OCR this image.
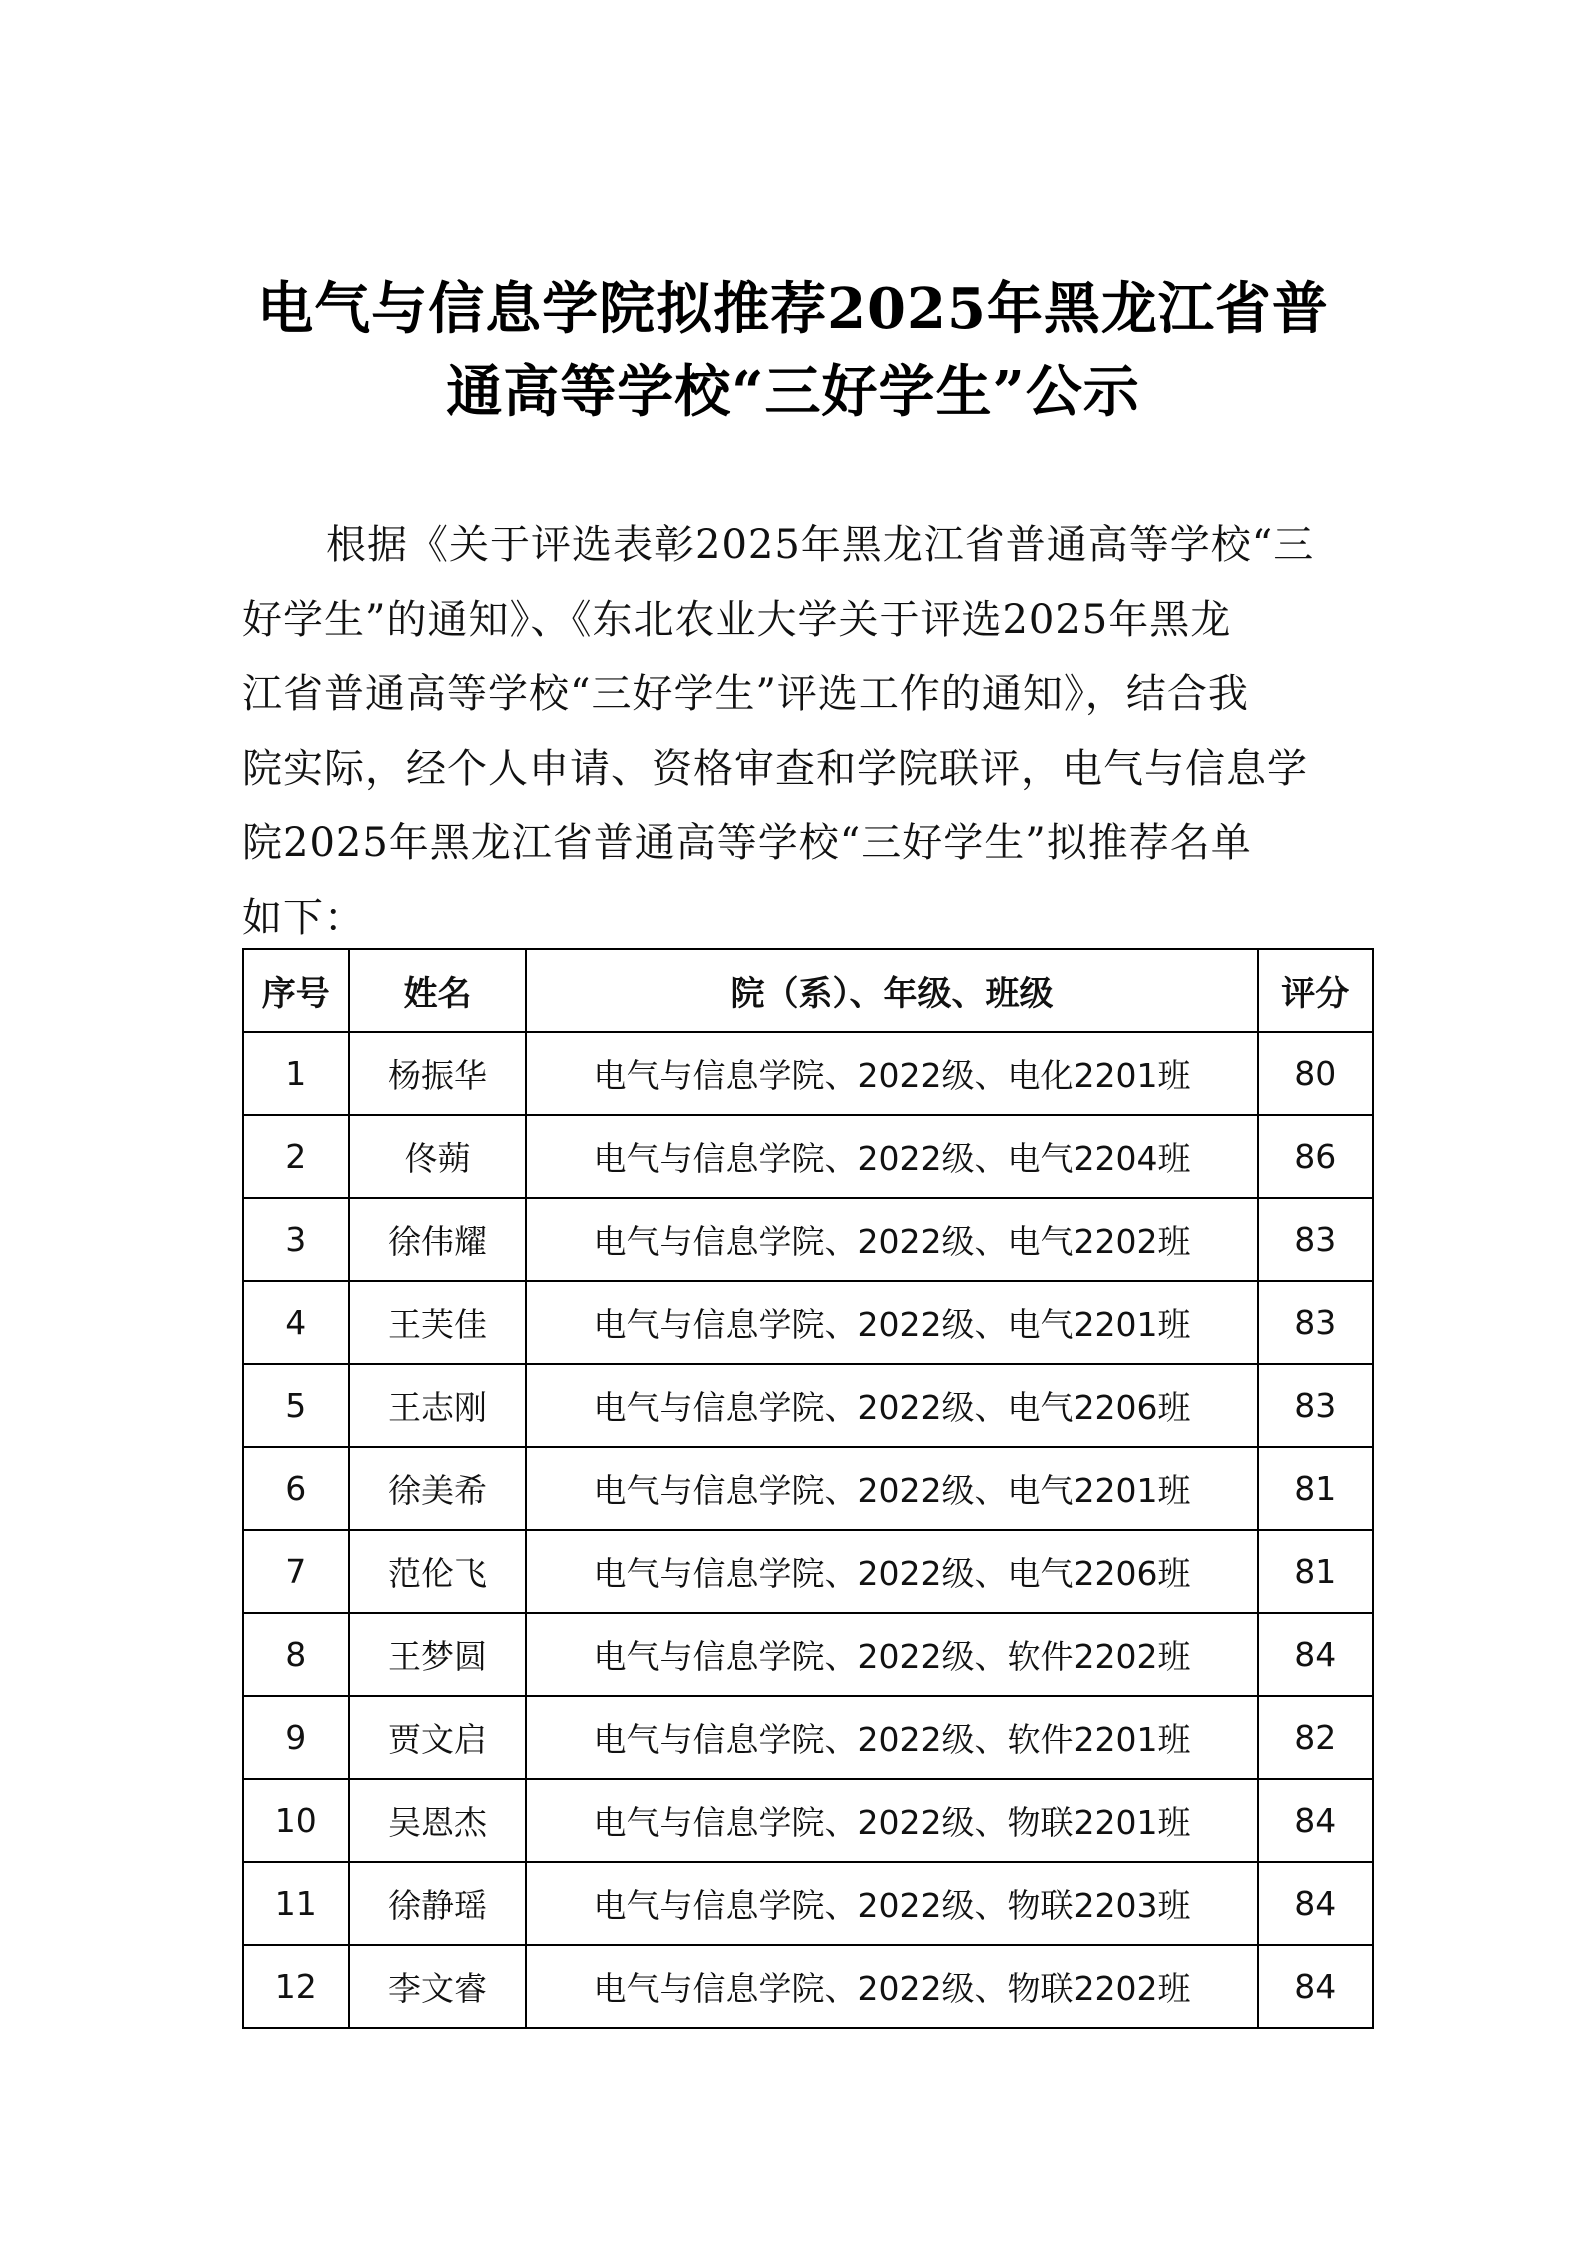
电气与信息学院拟推荐2025年黑龙江省普
通高等学校“三好学生”公示
根据《关于评选表彰2025年黑龙江省普通高等学校“三
好学生”的通知》、《东北农业大学关于评选2025年黑龙
江省普通高等学校“三好学生”评选工作的通知》，结合我
院实际，经个人申请、资格审查和学院联评，电气与信息学
院2025年黑龙江省普通高等学校“三好学生”拟推荐名单
如下：
序号	姓名	院（系）、年级、班级	评分
1	杨振华	电气与信息学院、2022级、电化2201班	80
2	佟蒴	电气与信息学院、2022级、电气2204班	86
3	徐伟耀	电气与信息学院、2022级、电气2202班	83
4	王芙佳	电气与信息学院、2022级、电气2201班	83
5	王志刚	电气与信息学院、2022级、电气2206班	83
6	徐美希	电气与信息学院、2022级、电气2201班	81
7	范伦飞	电气与信息学院、2022级、电气2206班	81
8	王梦圆	电气与信息学院、2022级、软件2202班	84
9	贾文启	电气与信息学院、2022级、软件2201班	82
10	吴恩杰	电气与信息学院、2022级、物联2201班	84
11	徐静瑶	电气与信息学院、2022级、物联2203班	84
12	李文睿	电气与信息学院、2022级、物联2202班	84
